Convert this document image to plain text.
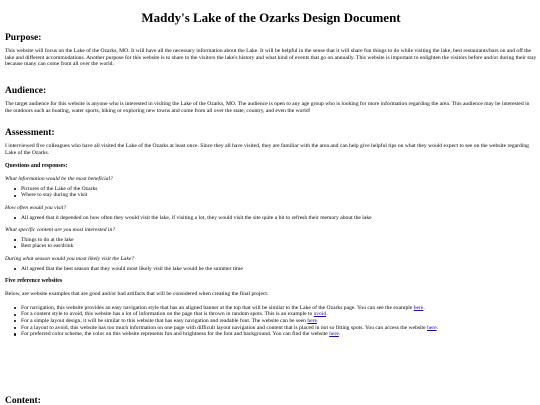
Maddy's Lake of the Ozarks Design Document
Purpose:

This website will focus on the Lake of the Ozarks, MO. It will have all the necessary information about the Lake. It will be helpful in the sense that it will share fun things to do while visiting the lake, best restaurants/bars on and off the lake and different accommodations. Another purpose for this website is to share to the visitors the lake's history and what kind of events that go on annually. This website is important to enlighten the visitors before and/or during their stay because many can come from all over the world.

Audience:

The target audience for this website is anyone who is interested in visiting the Lake of the Ozarks, MO. The audience is open to any age group who is looking for more information regarding the area. This audience may be interested in the outdoors such as boating, water sports, hiking or exploring new towns and come from all over the state, country, and even the world!

Assessment:

I interviewed five colleagues who have all visited the Lake of the Ozarks at least once. Since they all have visited, they are familiar with the area and can help give helpful tips on what they would expect to see on the website regarding Lake of the Ozarks.

Questions and responses:

What information would be the most beneficial?

Pictures of the Lake of the Ozarks
Where to stay during the visit

How often would you visit?

All agreed that it depended on how often they would visit the lake, if visiting a lot, they would visit the site quite a bit to refresh their memory about the lake

What specific content are you most interested in?

Things to do at the lake
Best places to eat/drink

During what season would you most likely visit the Lake?

All agreed that the best season that they would most likely visit the lake would be the summer time
Five reference websites

Below, are website examples that are good and/or bad artifacts that will be considered when creating the final project.

For navigation, this website provides an easy navigation style that has an aligned banner at the top that will be similar to the Lake of the Ozarks page. You can see the example here.
For a content style to avoid, this website has a lot of information on the page that is thrown in random spots. This is an example to avoid.
For a simple layout design, it will be similar to this website that has easy navigation and readable font. The website can be seen here.
For a layout to avoid, this website has too much information on one page with difficult layout navigation and content that is placed in not so fitting spots. You can access the website here.
For preferred color scheme, the color on this website represents fun and brightness for the font and background. You can find the website here.
Content:
